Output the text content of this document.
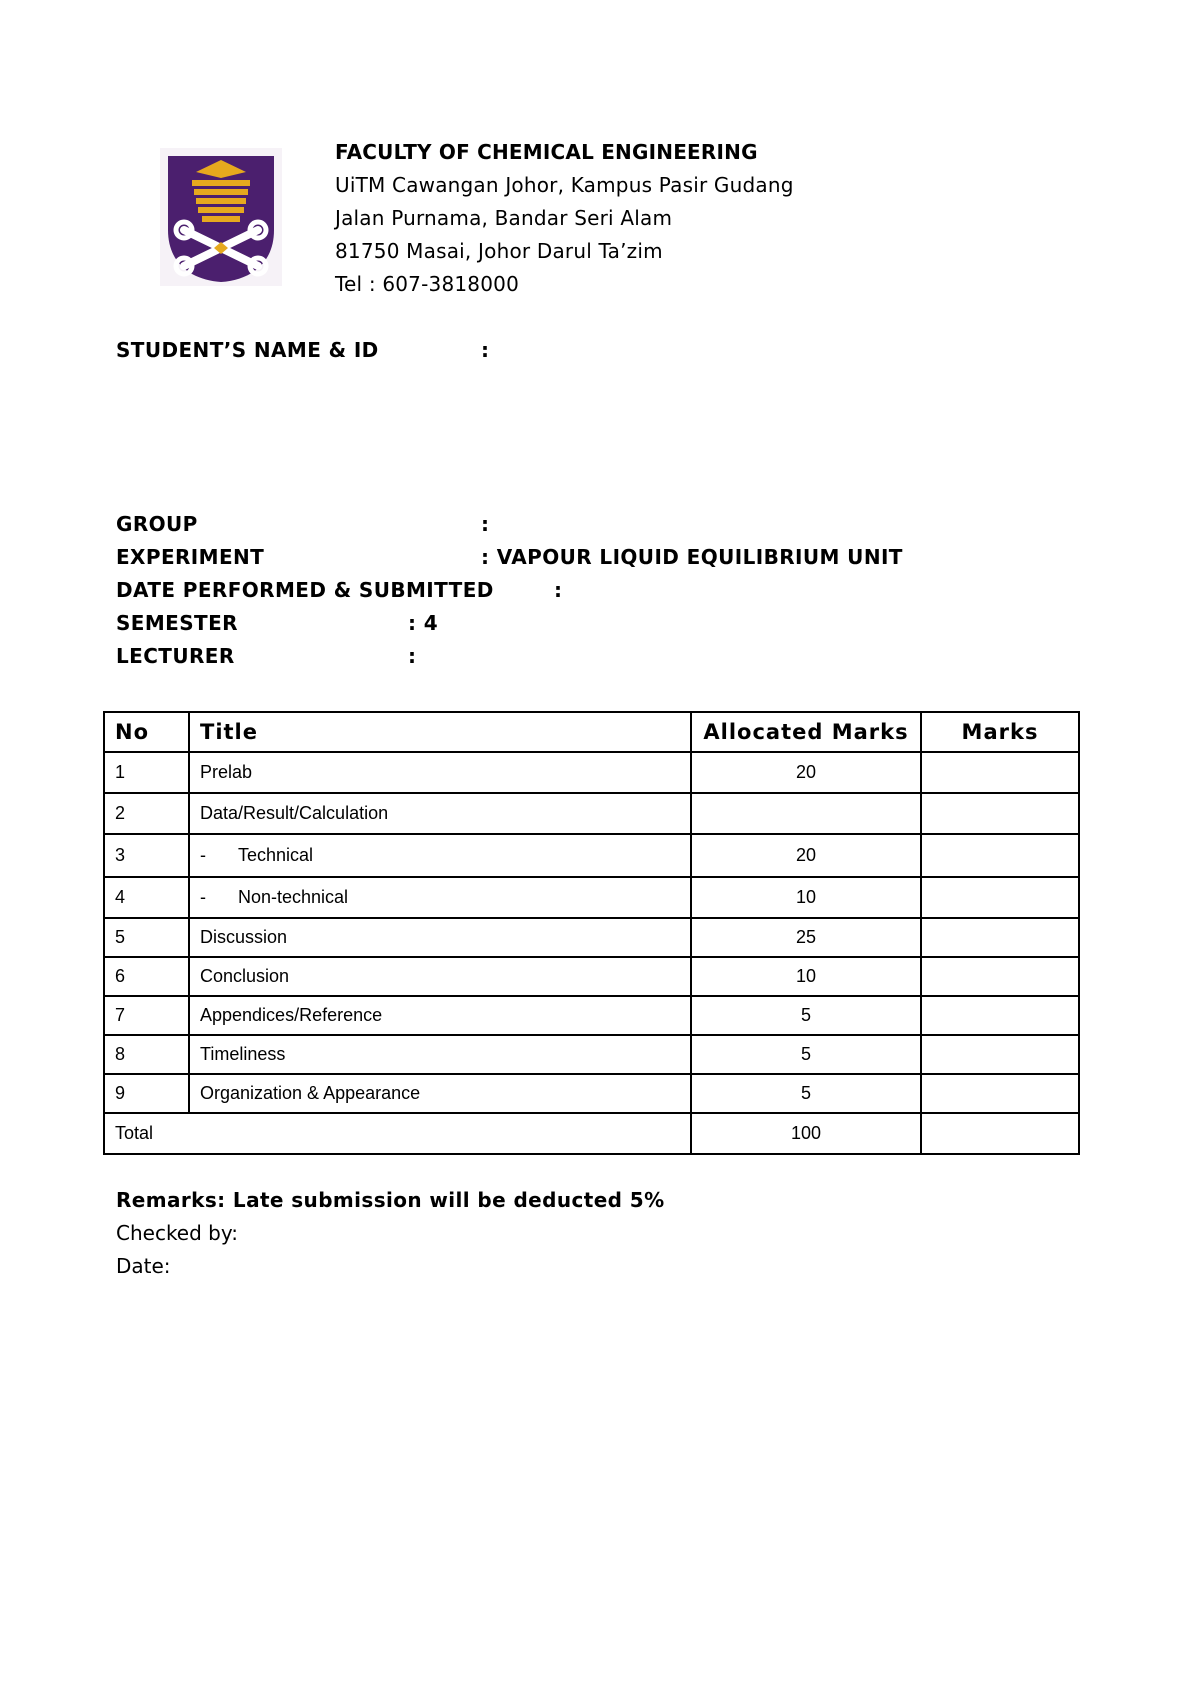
FACULTY OF CHEMICAL ENGINEERING
UiTM Cawangan Johor, Kampus Pasir Gudang
Jalan Purnama, Bandar Seri Alam
81750 Masai, Johor Darul Ta’zim
Tel : 607-3818000
STUDENT’S NAME & ID	:
GROUP	:
EXPERIMENT	: VAPOUR LIQUID EQUILIBRIUM UNIT
DATE PERFORMED & SUBMITTED	:
SEMESTER	: 4
LECTURER	:
No	Title	Allocated Marks	Marks
1	Prelab	20	
2	Data/Result/Calculation		
3	- Technical	20	
4	- Non-technical	10	
5	Discussion	25	
6	Conclusion	10	
7	Appendices/Reference	5	
8	Timeliness	5	
9	Organization & Appearance	5	
Total		100	
Remarks: Late submission will be deducted 5%
Checked by:
Date:
